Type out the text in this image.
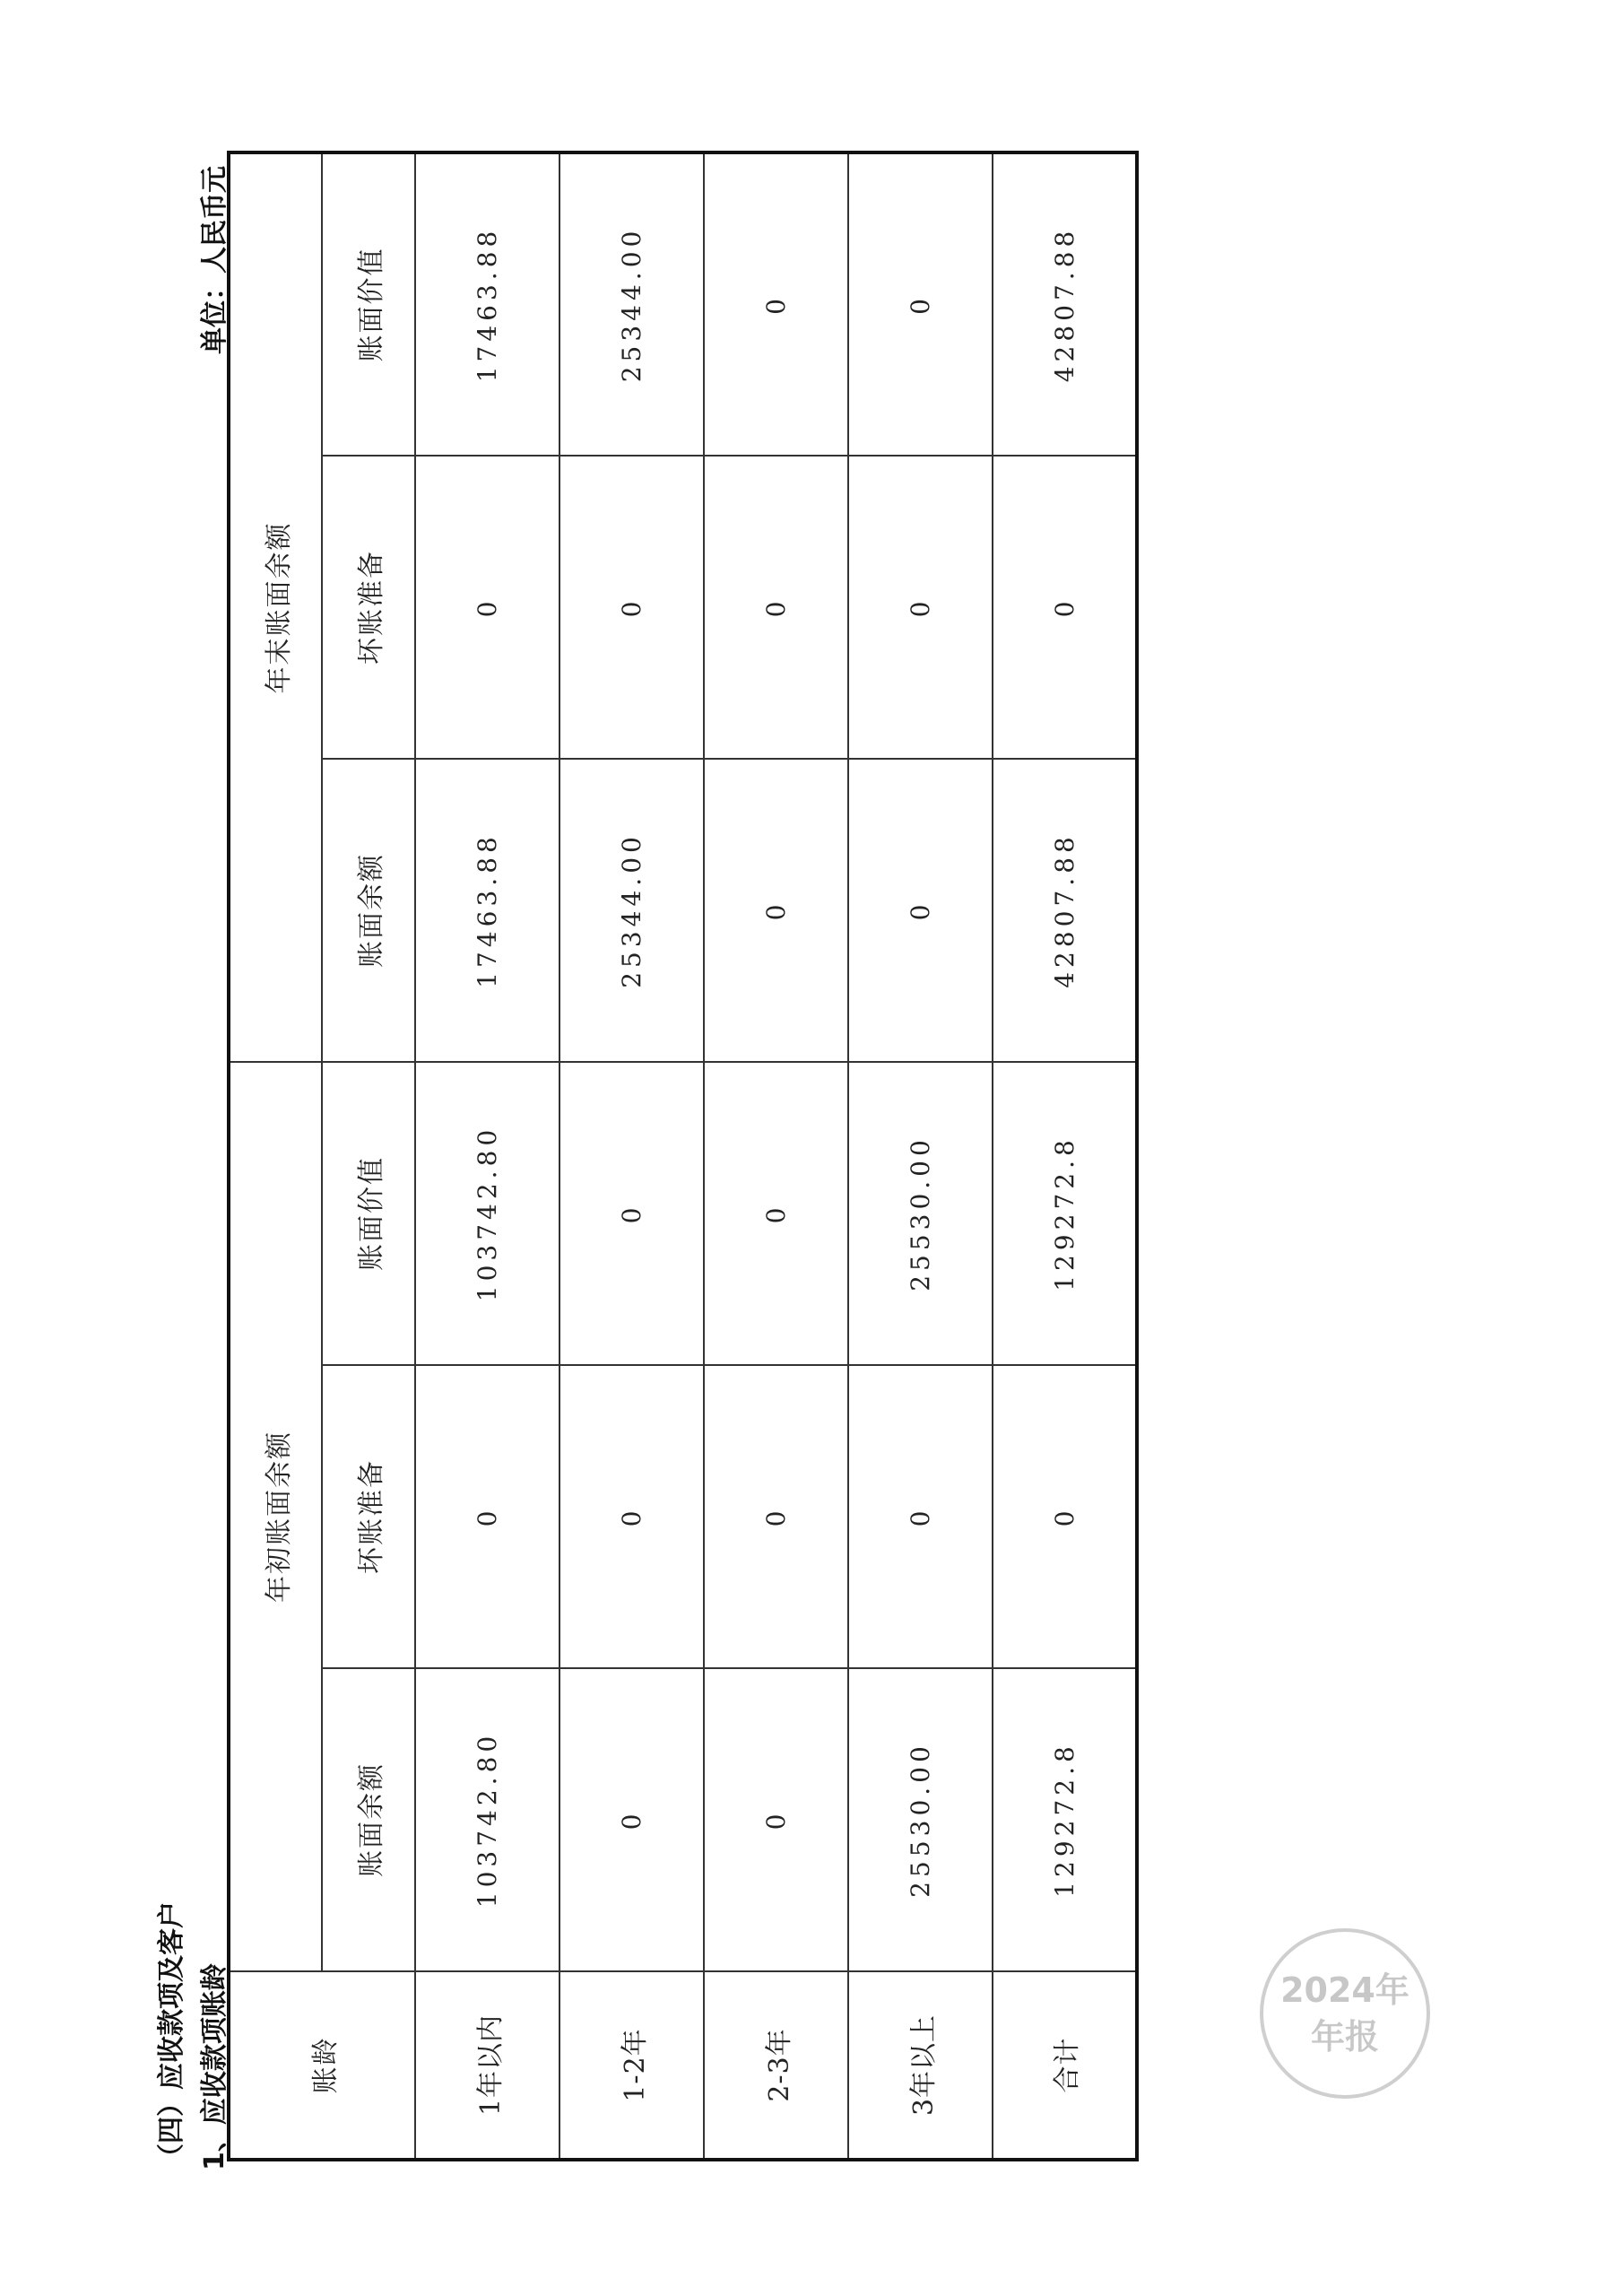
（四）应收款项及客户 1、应收款项账龄
单位：人民币元
账龄	年初账面余额			年末账面余额		
	账面余额	坏账准备	账面价值	账面余额	坏账准备	账面价值
1年以内	103742.80	0	103742.80	17463.88	0	17463.88
1-2年	0	0	0	25344.00	0	25344.00
2-3年	0	0	0	0	0	0
3年以上	25530.00	0	25530.00	0	0	0
合计	129272.8	0	129272.8	42807.88	0	42807.88
2024年
年报
